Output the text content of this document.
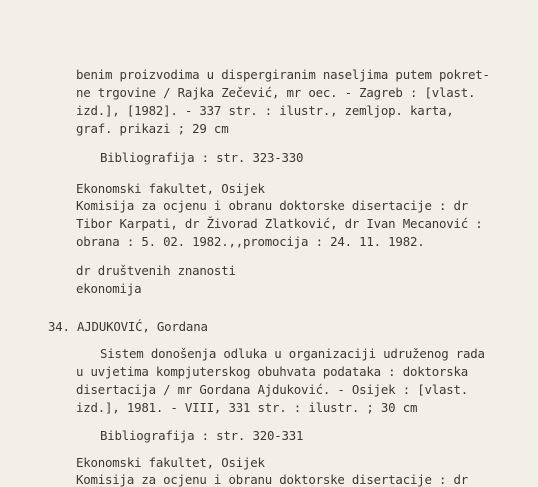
benim proizvodima u dispergiranim naseljima putem pokret-
ne trgovine / Rajka Zečević, mr oec. - Zagreb : [vlast.
izd.], [1982]. - 337 str. : ilustr., zemljop. karta,
graf. prikazi ; 29 cm
Bibliografija : str. 323-330
Ekonomski fakultet, Osijek
Komisija za ocjenu i obranu doktorske disertacije : dr
Tibor Karpati, dr Živorad Zlatković, dr Ivan Mecanović :
obrana : 5. 02. 1982.,,promocija : 24. 11. 1982.
dr društvenih znanosti
ekonomija
34. AJDUKOVIĆ, Gordana
Sistem donošenja odluka u organizaciji udruženog rada
u uvjetima kompjuterskog obuhvata podataka : doktorska
disertacija / mr Gordana Ajduković. - Osijek : [vlast.
izd.], 1981. - VIII, 331 str. : ilustr. ; 30 cm
Bibliografija : str. 320-331
Ekonomski fakultet, Osijek
Komisija za ocjenu i obranu doktorske disertacije : dr
